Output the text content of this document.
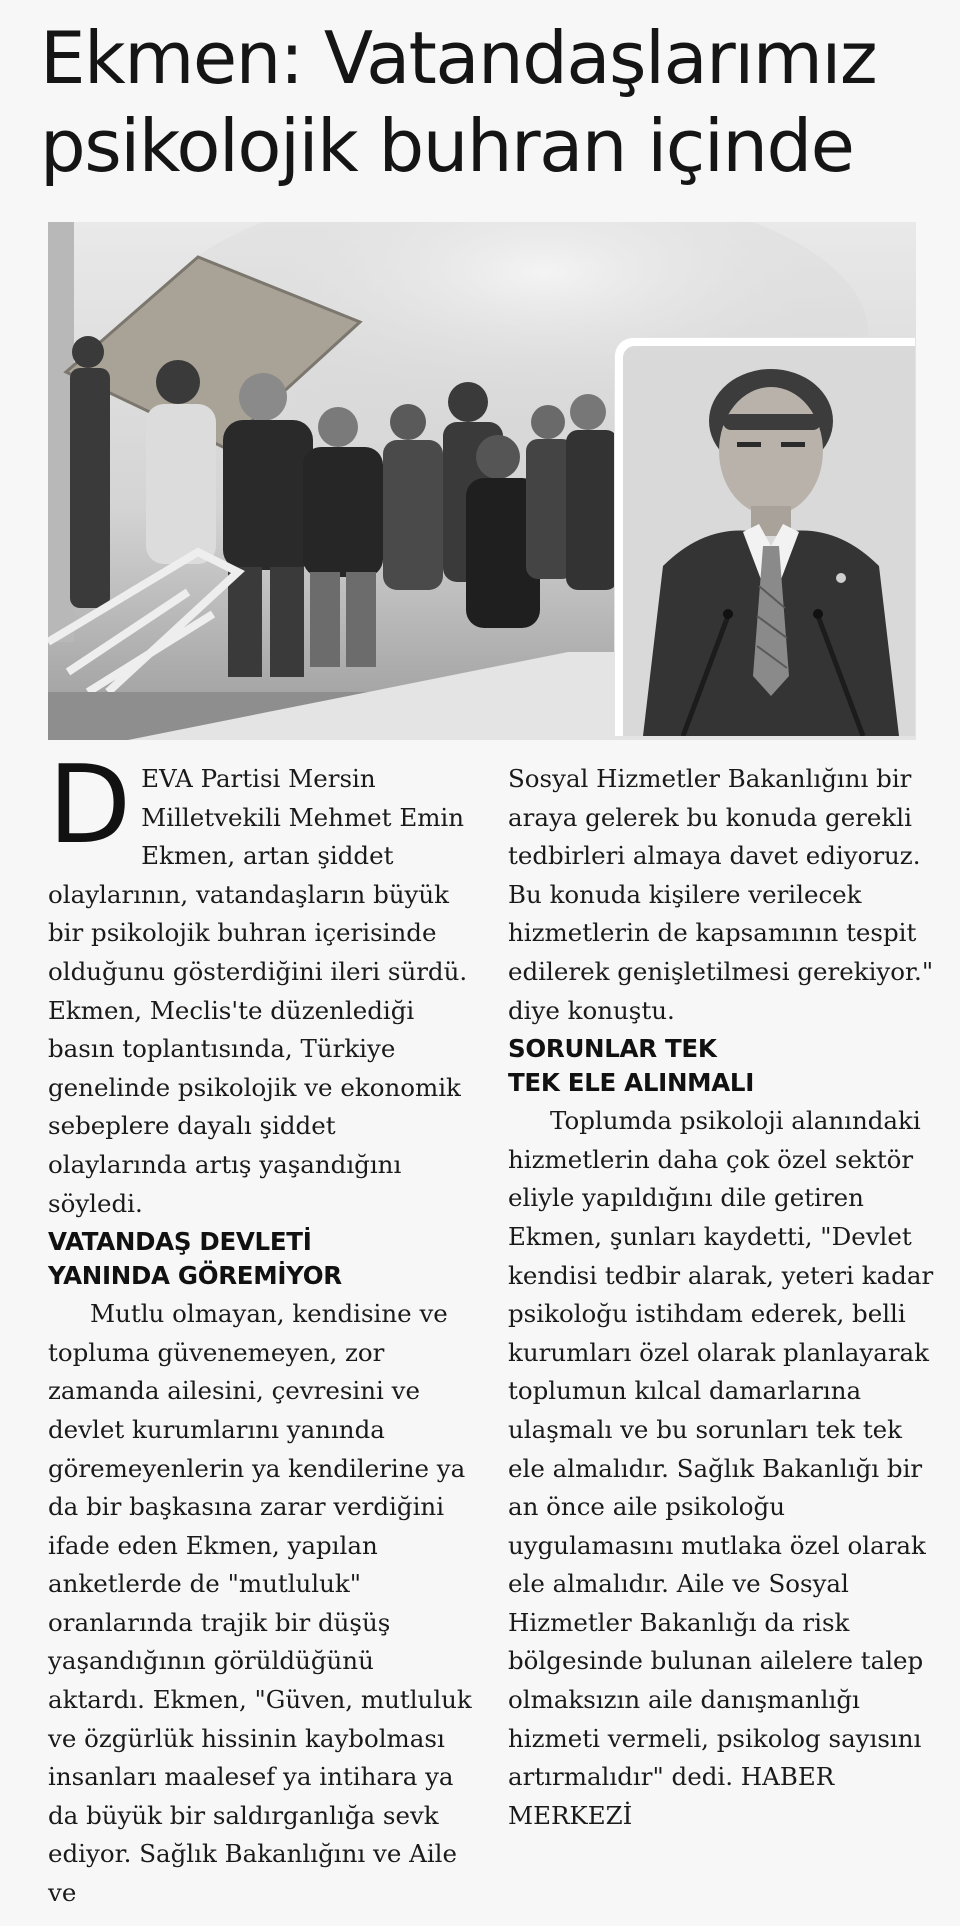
Ekmen: Vatandaşlarımız
psikolojik buhran içinde

DEVA Partisi Mersin Milletvekili Mehmet Emin Ekmen, artan şiddet olaylarının, vatandaşların büyük bir psikolojik buhran içerisinde olduğunu gösterdiğini ileri sürdü. Ekmen, Meclis'te düzenlediği basın toplantısında, Türkiye genelinde psikolojik ve ekonomik sebeplere dayalı şiddet olaylarında artış yaşandığını söyledi.

VATANDAŞ DEVLETİ
YANINDA GÖREMİYOR

Mutlu olmayan, kendisine ve topluma güvenemeyen, zor zamanda ailesini, çevresini ve devlet kurumlarını yanında göremeyenlerin ya kendilerine ya da bir başkasına zarar verdiğini ifade eden Ekmen, yapılan anketlerde de "mutluluk" oranlarında trajik bir düşüş yaşandığının görüldüğünü aktardı. Ekmen, "Güven, mutluluk ve özgürlük hissinin kaybolması insanları maalesef ya intihara ya da büyük bir saldırganlığa sevk ediyor. Sağlık Bakanlığını ve Aile ve

Sosyal Hizmetler Bakanlığını bir araya gelerek bu konuda gerekli tedbirleri almaya davet ediyoruz. Bu konuda kişilere verilecek hizmetlerin de kapsamının tespit edilerek genişletilmesi gerekiyor." diye konuştu.

SORUNLAR TEK
TEK ELE ALINMALI

Toplumda psikoloji alanındaki hizmetlerin daha çok özel sektör eliyle yapıldığını dile getiren Ekmen, şunları kaydetti, "Devlet kendisi tedbir alarak, yeteri kadar psikoloğu istihdam ederek, belli kurumları özel olarak planlayarak toplumun kılcal damarlarına ulaşmalı ve bu sorunları tek tek ele almalıdır. Sağlık Bakanlığı bir an önce aile psikoloğu uygulamasını mutlaka özel olarak ele almalıdır. Aile ve Sosyal Hizmetler Bakanlığı da risk bölgesinde bulunan ailelere talep olmaksızın aile danışmanlığı hizmeti vermeli, psikolog sayısını artırmalıdır" dedi. HABER MERKEZİ
